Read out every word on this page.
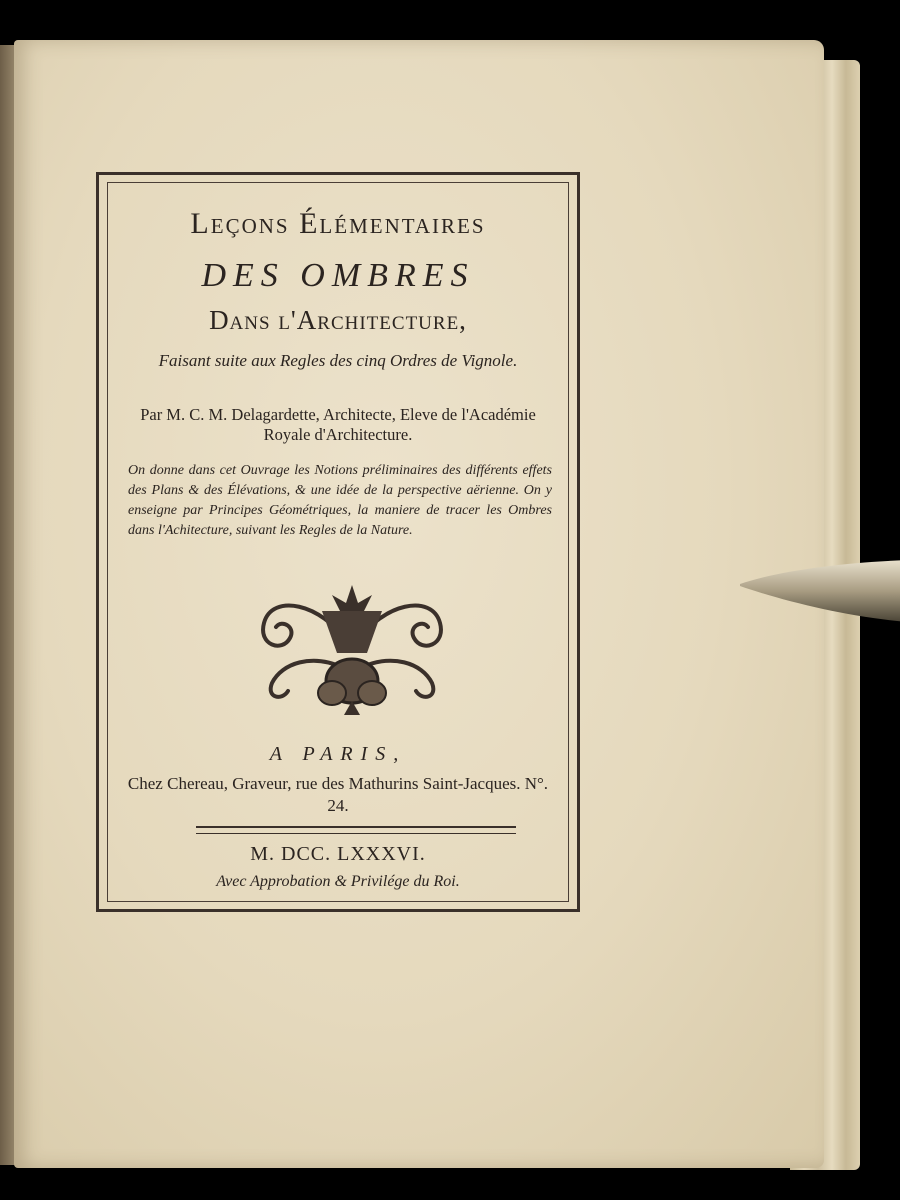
Leçons Élémentaires
DES OMBRES
Dans l'Architecture,
Faisant suite aux Regles des cinq Ordres de Vignole.
Par M. C. M. Delagardette, Architecte, Eleve de l'Académie Royale d'Architecture.
On donne dans cet Ouvrage les Notions préliminaires des différents effets des Plans & des Élévations, & une idée de la perspective aërienne. On y enseigne par Principes Géométriques, la maniere de tracer les Ombres dans l'Achitecture, suivant les Regles de la Nature.
A PARIS,
Chez Chereau, Graveur, rue des Mathurins Saint-Jacques. N°. 24.
M. DCC. LXXXVI.
Avec Approbation & Privilége du Roi.
